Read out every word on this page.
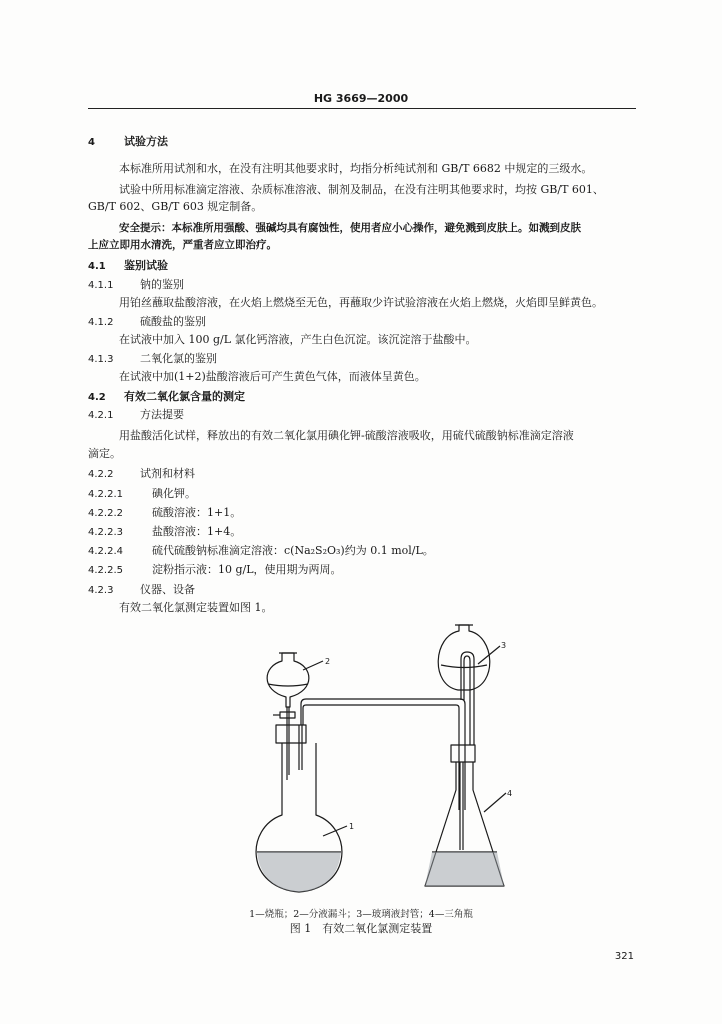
HG 3669—2000
4	试验方法
本标准所用试剂和水，在没有注明其他要求时，均指分析纯试剂和 GB/T 6682 中规定的三级水。
试验中所用标准滴定溶液、杂质标准溶液、制剂及制品，在没有注明其他要求时，均按 GB/T 601、
GB/T 602、GB/T 603 规定制备。
安全提示：本标准所用强酸、强碱均具有腐蚀性，使用者应小心操作，避免溅到皮肤上。如溅到皮肤
上应立即用水清洗，严重者应立即治疗。
4.1 鉴别试验
4.1.1 钠的鉴别
用铂丝蘸取盐酸溶液，在火焰上燃烧至无色，再蘸取少许试验溶液在火焰上燃烧，火焰即呈鲜黄色。
4.1.2 硫酸盐的鉴别
在试液中加入 100 g/L 氯化钙溶液，产生白色沉淀。该沉淀溶于盐酸中。
4.1.3 二氧化氯的鉴别
在试液中加(1+2)盐酸溶液后可产生黄色气体，而液体呈黄色。
4.2 有效二氧化氯含量的测定
4.2.1 方法提要
用盐酸活化试样，释放出的有效二氧化氯用碘化钾-硫酸溶液吸收，用硫代硫酸钠标准滴定溶液
滴定。
4.2.2 试剂和材料
4.2.2.1	碘化钾。
4.2.2.2	硫酸溶液：1+1。
4.2.2.3	盐酸溶液：1+4。
4.2.2.4	硫代硫酸钠标准滴定溶液：c(Na₂S₂O₃)约为 0.1 mol/L。
4.2.2.5	淀粉指示液：10 g/L，使用期为两周。
4.2.3 仪器、设备
有效二氧化氯测定装置如图 1。
1
2
3
4
1—烧瓶；2—分液漏斗；3—玻璃液封管；4—三角瓶
图 1　有效二氧化氯测定装置
321
